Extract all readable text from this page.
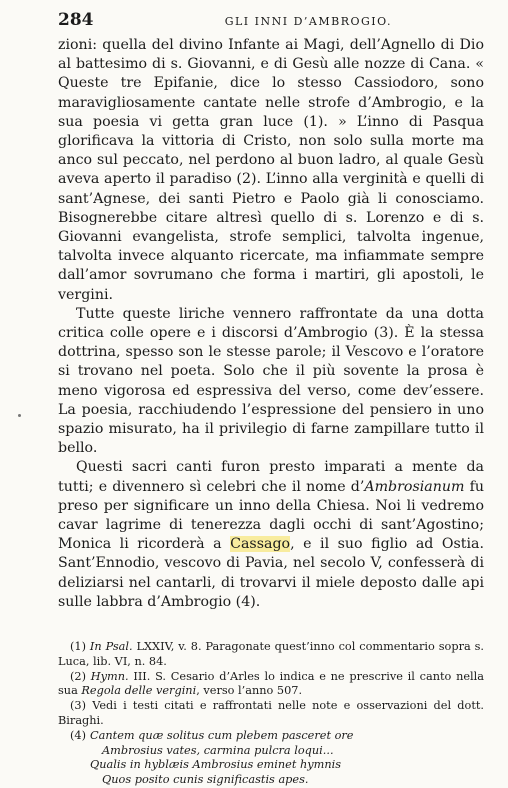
284	GLI INNI D’AMBROGIO.

zioni: quella del divino Infante ai Magi, dell’Agnello di Dio al battesimo di s. Giovanni, e di Gesù alle nozze di Cana. « Queste tre Epifanie, dice lo stesso Cassiodoro, sono maravigliosamente cantate nelle strofe d’Ambrogio, e la sua poesia vi getta gran luce (1). » L’inno di Pasqua glorificava la vittoria di Cristo, non solo sulla morte ma anco sul peccato, nel perdono al buon ladro, al quale Gesù aveva aperto il paradiso (2). L’inno alla verginità e quelli di sant’Agnese, dei santi Pietro e Paolo già li conosciamo. Bisognerebbe citare altresì quello di s. Lorenzo e di s. Giovanni evangelista, strofe semplici, talvolta ingenue, talvolta invece alquanto ricercate, ma infiammate sempre dall’amor sovrumano che forma i martiri, gli apostoli, le vergini.

Tutte queste liriche vennero raffrontate da una dotta critica colle opere e i discorsi d’Ambrogio (3). È la stessa dottrina, spesso son le stesse parole; il Vescovo e l’oratore si trovano nel poeta. Solo che il più sovente la prosa è meno vigorosa ed espressiva del verso, come dev’essere. La poesia, racchiudendo l’espressione del pensiero in uno spazio misurato, ha il privilegio di farne zampillare tutto il bello.

Questi sacri canti furon presto imparati a mente da tutti; e divennero sì celebri che il nome d’Ambrosianum fu preso per significare un inno della Chiesa. Noi li vedremo cavar lagrime di tenerezza dagli occhi di sant’Agostino; Monica li ricorderà a Cassago, e il suo figlio ad Ostia. Sant’Ennodio, vescovo di Pavia, nel secolo V, confesserà di deliziarsi nel cantarli, di trovarvi il miele deposto dalle api sulle labbra d’Ambrogio (4).

(1) In Psal. LXXIV, v. 8. Paragonate quest’inno col commentario sopra s. Luca, lib. VI, n. 84.

(2) Hymn. III. S. Cesario d’Arles lo indica e ne prescrive il canto nella sua Regola delle vergini, verso l’anno 507.

(3) Vedi i testi citati e raffrontati nelle note e osservazioni del dott. Biraghi.

(4) Cantem quæ solitus cum plebem pasceret ore
Ambrosius vates, carmina pulcra loqui...
Qualis in hyblæis Ambrosius eminet hymnis
Quos posito cunis significastis apes.
